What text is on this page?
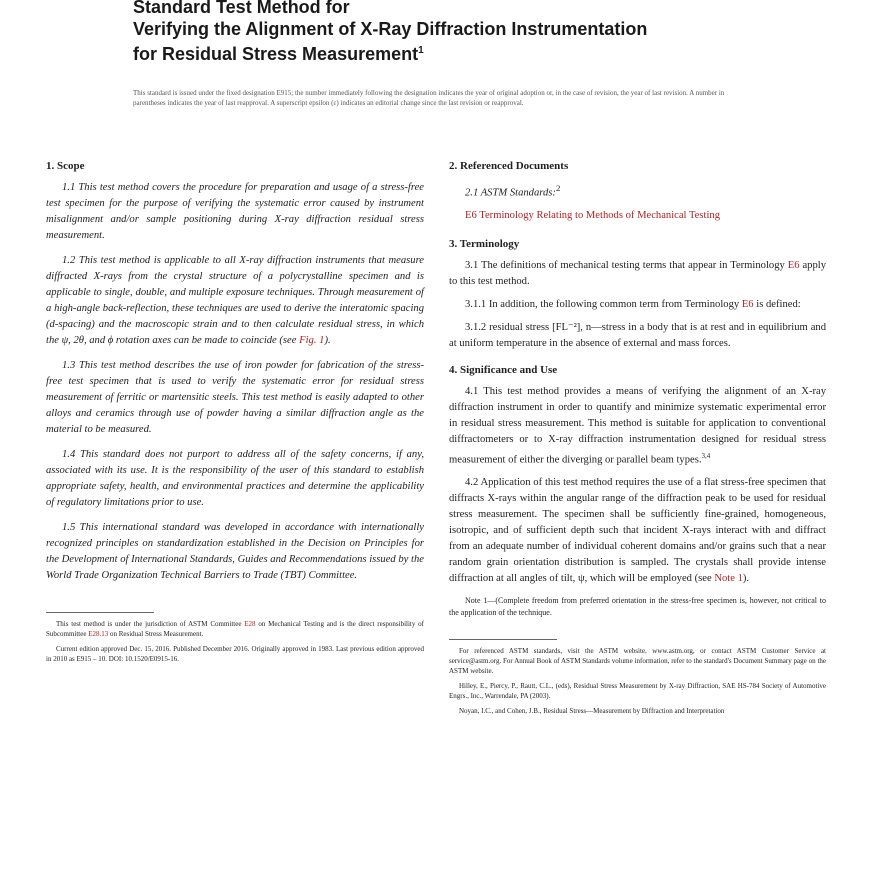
Standard Test Method for
Verifying the Alignment of X-Ray Diffraction Instrumentation
for Residual Stress Measurement$^1$
This standard is issued under the fixed designation E915; the number immediately following the designation indicates the year of original adoption or, in the case of revision, the year of last revision. A number in parentheses indicates the year of last reapproval. A superscript epsilon (ε) indicates an editorial change since the last revision or reapproval.
1. Scope

1.1 This test method covers the procedure for preparation and usage of a stress-free test specimen for the purpose of verifying the systematic error caused by instrument misalignment and/or sample positioning during X-ray diffraction residual stress measurement.

1.2 This test method is applicable to all X-ray diffraction instruments that measure diffracted X-rays from the crystal structure of a polycrystalline specimen and is applicable to single, double, and multiple exposure techniques. Through measurement of a high-angle back-reflection, these techniques are used to derive the interatomic spacing (d-spacing) and the macroscopic strain and to then calculate residual stress, in which the ψ, 2θ, and ϕ rotation axes can be made to coincide (see Fig. 1).

1.3 This test method describes the use of iron powder for fabrication of the stress-free test specimen that is used to verify the systematic error for residual stress measurement of ferritic or martensitic steels. This test method is easily adapted to other alloys and ceramics through use of powder having a similar diffraction angle as the material to be measured.

1.4 This standard does not purport to address all of the safety concerns, if any, associated with its use. It is the responsibility of the user of this standard to establish appropriate safety, health, and environmental practices and determine the applicability of regulatory limitations prior to use.

1.5 This international standard was developed in accordance with internationally recognized principles on standardization established in the Decision on Principles for the Development of International Standards, Guides and Recommendations issued by the World Trade Organization Technical Barriers to Trade (TBT) Committee.

This test method is under the jurisdiction of ASTM Committee E28 on Mechanical Testing and is the direct responsibility of Subcommittee E28.13 on Residual Stress Measurement.

Current edition approved Dec. 15, 2016. Published December 2016. Originally approved in 1983. Last previous edition approved in 2010 as E915 – 10. DOI: 10.1520/E0915-16.

2. Referenced Documents
2.1 ASTM Standards:$^2$
E6 Terminology Relating to Methods of Mechanical Testing
3. Terminology

3.1 The definitions of mechanical testing terms that appear in Terminology E6 apply to this test method.

3.1.1 In addition, the following common term from Terminology E6 is defined:

3.1.2 residual stress [FL⁻²], n—stress in a body that is at rest and in equilibrium and at uniform temperature in the absence of external and mass forces.

4. Significance and Use

4.1 This test method provides a means of verifying the alignment of an X-ray diffraction instrument in order to quantify and minimize systematic experimental error in residual stress measurement. This method is suitable for application to conventional diffractometers or to X-ray diffraction instrumentation designed for residual stress measurement of either the diverging or parallel beam types.$^{3,4}$

4.2 Application of this test method requires the use of a flat stress-free specimen that diffracts X-rays within the angular range of the diffraction peak to be used for residual stress measurement. The specimen shall be sufficiently fine-grained, homogeneous, isotropic, and of sufficient depth such that incident X-rays interact with and diffract from an adequate number of individual coherent domains and/or grains such that a near random grain orientation distribution is sampled. The crystals shall provide intense diffraction at all angles of tilt, ψ, which will be employed (see Note 1).

Note 1—(Complete freedom from preferred orientation in the stress-free specimen is, however, not critical to the application of the technique.

For referenced ASTM standards, visit the ASTM website, www.astm.org, or contact ASTM Customer Service at service@astm.org. For Annual Book of ASTM Standards volume information, refer to the standard's Document Summary page on the ASTM website.

Hilley, E., Piercy, P., Rautt, C.L., (eds), Residual Stress Measurement by X-ray Diffraction, SAE HS-784 Society of Automotive Engrs., Inc., Warrendale, PA (2003).

Noyan, I.C., and Cohen, J.B., Residual Stress—Measurement by Diffraction and Interpretation
